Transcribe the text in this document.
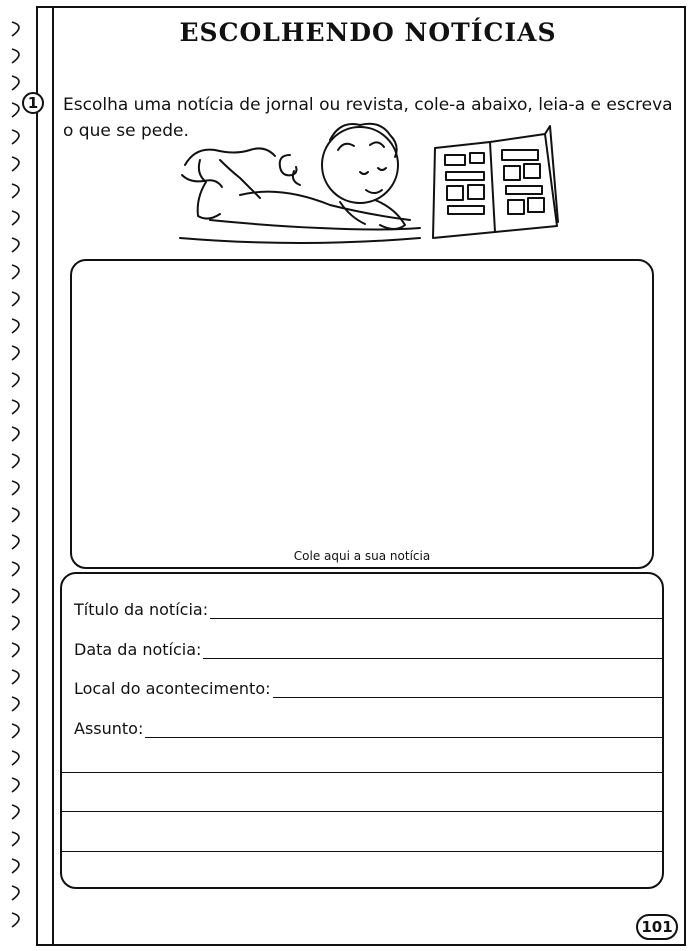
ESCOLHENDO NOTÍCIAS
1	Escolha uma notícia de jornal ou revista, cole-a abaixo, leia-a e escreva o que se pede.
Cole aqui a sua notícia
Título da notícia:
Data da notícia:
Local do acontecimento:
Assunto:
101
